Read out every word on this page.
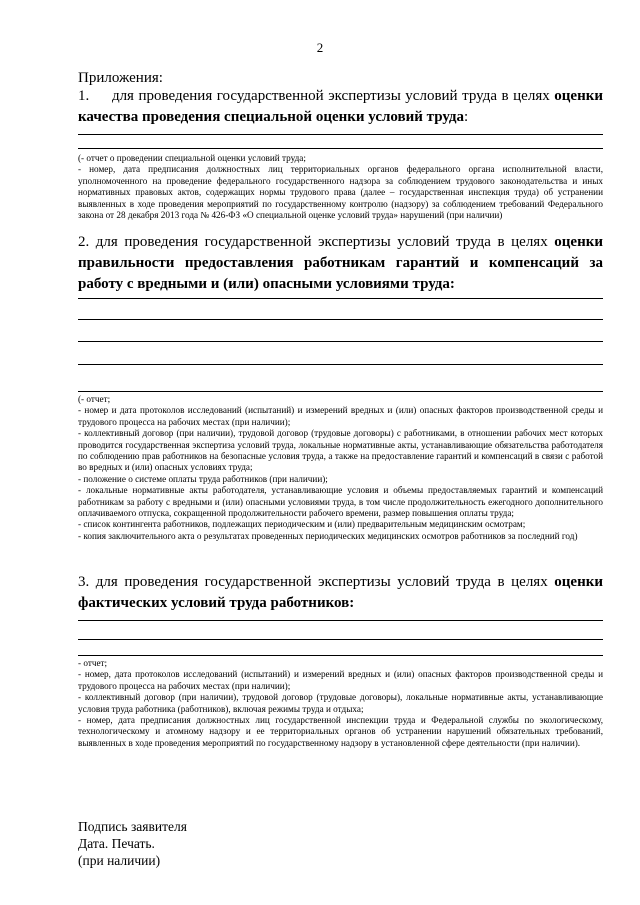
2
Приложения:
1. для проведения государственной экспертизы условий труда в целях оценки качества проведения специальной оценки условий труда:
(- отчет о проведении специальной оценки условий труда;
- номер, дата предписания должностных лиц территориальных органов федерального органа исполнительной власти, уполномоченного на проведение федерального государственного надзора за соблюдением трудового законодательства и иных нормативных правовых актов, содержащих нормы трудового права (далее – государственная инспекция труда) об устранении выявленных в ходе проведения мероприятий по государственному контролю (надзору) за соблюдением требований Федерального закона от 28 декабря 2013 года № 426-ФЗ «О специальной оценке условий труда» нарушений (при наличии)
2. для проведения государственной экспертизы условий труда в целях оценки правильности предоставления работникам гарантий и компенсаций за работу с вредными и (или) опасными условиями труда:
(- отчет;
- номер и дата протоколов исследований (испытаний) и измерений вредных и (или) опасных факторов производственной среды и трудового процесса на рабочих местах (при наличии);
- коллективный договор (при наличии), трудовой договор (трудовые договоры) с работниками, в отношении рабочих мест которых проводится государственная экспертиза условий труда, локальные нормативные акты, устанавливающие обязательства работодателя по соблюдению прав работников на безопасные условия труда, а также на предоставление гарантий и компенсаций в связи с работой во вредных и (или) опасных условиях труда;
- положение о системе оплаты труда работников (при наличии);
- локальные нормативные акты работодателя, устанавливающие условия и объемы предоставляемых гарантий и компенсаций работникам за работу с вредными и (или) опасными условиями труда, в том числе продолжительность ежегодного дополнительного оплачиваемого отпуска, сокращенной продолжительности рабочего времени, размер повышения оплаты труда;
- список контингента работников, подлежащих периодическим и (или) предварительным медицинским осмотрам;
- копия заключительного акта о результатах проведенных периодических медицинских осмотров работников за последний год)
3. для проведения государственной экспертизы условий труда в целях оценки фактических условий труда работников:
- отчет;
- номер, дата протоколов исследований (испытаний) и измерений вредных и (или) опасных факторов производственной среды и трудового процесса на рабочих местах (при наличии);
- коллективный договор (при наличии), трудовой договор (трудовые договоры), локальные нормативные акты, устанавливающие условия труда работника (работников), включая режимы труда и отдыха;
- номер, дата предписания должностных лиц государственной инспекции труда и Федеральной службы по экологическому, технологическому и атомному надзору и ее территориальных органов об устранении нарушений обязательных требований, выявленных в ходе проведения мероприятий по государственному надзору в установленной сфере деятельности (при наличии).
Подпись заявителя
Дата. Печать.
(при наличии)
